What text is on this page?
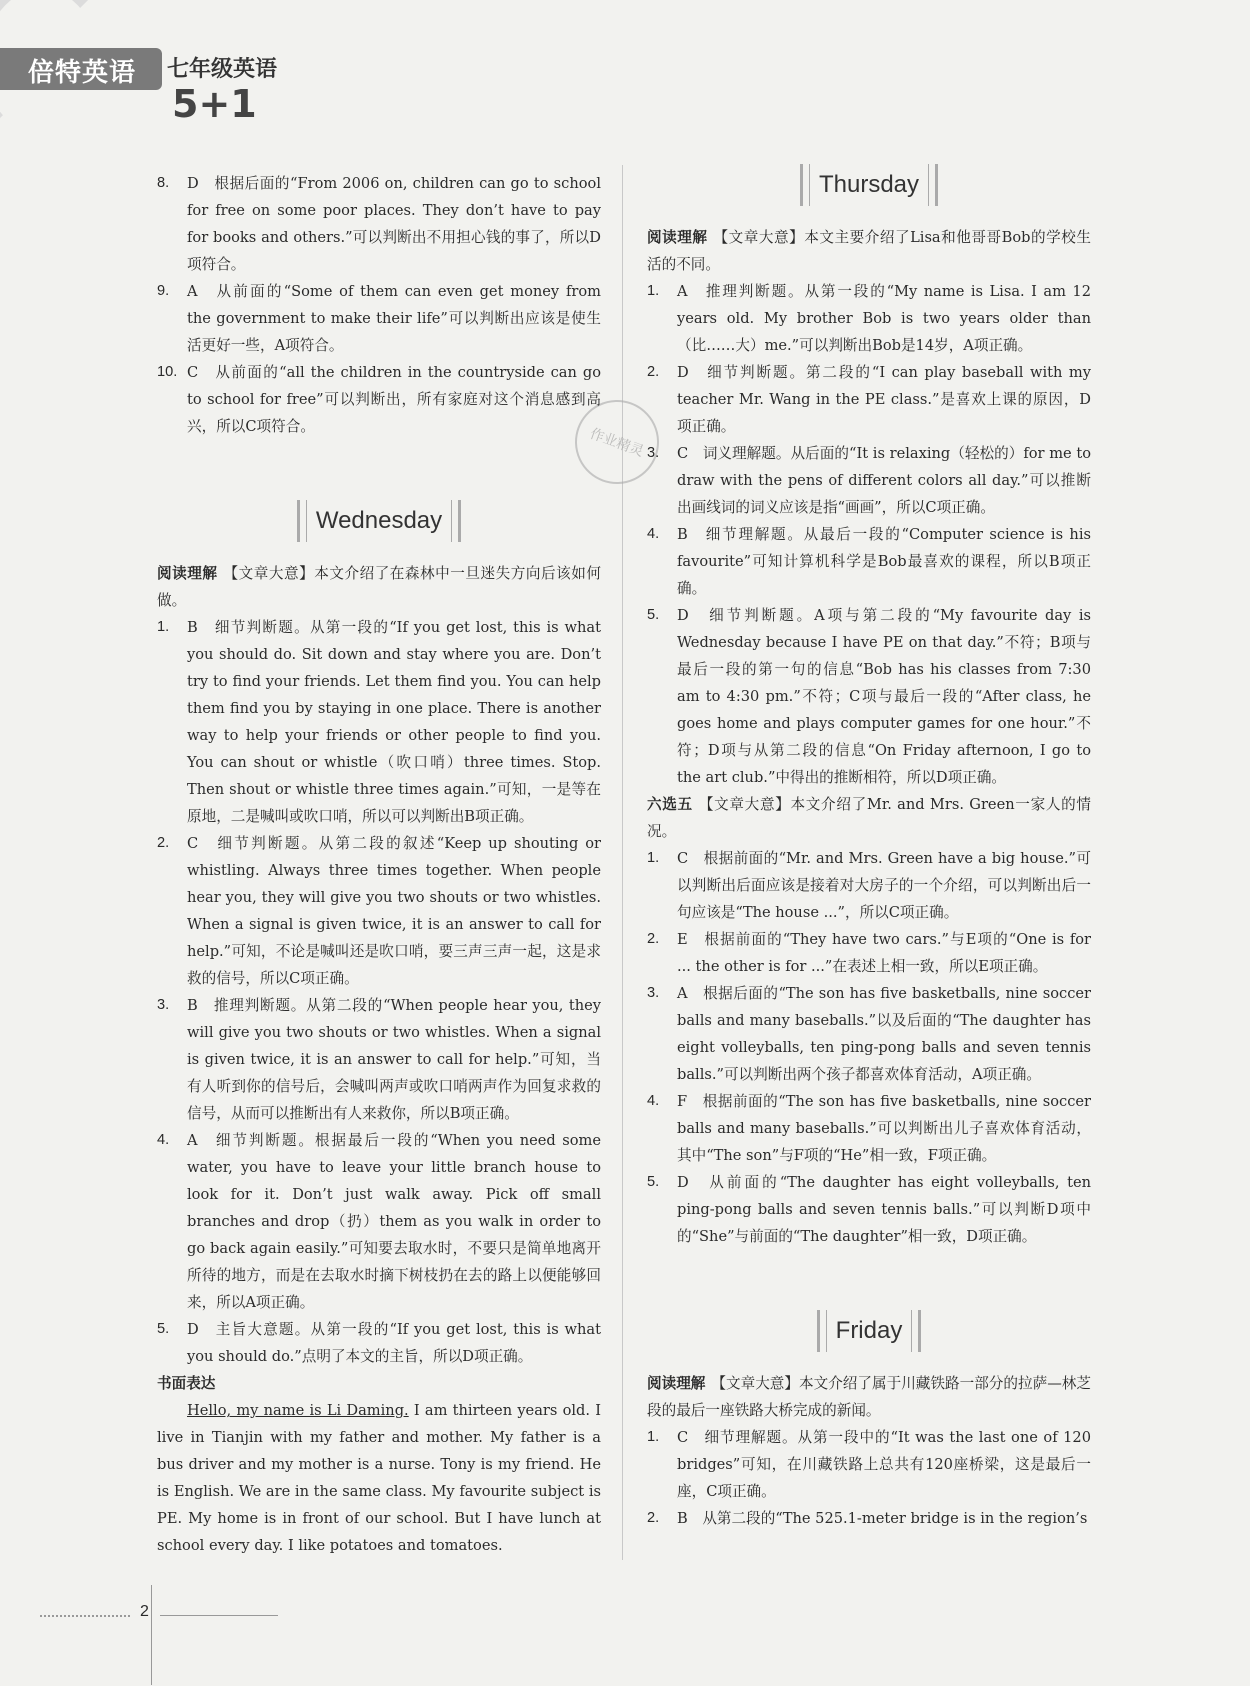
倍特英语 七年级英语
5+1
作业精灵

8. D　根据后面的“From 2006 on, children can go to school for free on some poor places. They don’t have to pay for books and others.”可以判断出不用担心钱的事了，所以D项符合。

9. A　从前面的“Some of them can even get money from the government to make their life”可以判断出应该是使生活更好一些，A项符合。

10. C　从前面的“all the children in the countryside can go to school for free”可以判断出，所有家庭对这个消息感到高兴，所以C项符合。

Wednesday

阅读理解 【文章大意】本文介绍了在森林中一旦迷失方向后该如何做。

1. B　细节判断题。从第一段的“If you get lost, this is what you should do. Sit down and stay where you are. Don’t try to find your friends. Let them find you. You can help them find you by staying in one place. There is another way to help your friends or other people to find you. You can shout or whistle（吹口哨）three times. Stop. Then shout or whistle three times again.”可知，一是等在原地，二是喊叫或吹口哨，所以可以判断出B项正确。

2. C　细节判断题。从第二段的叙述“Keep up shouting or whistling. Always three times together. When people hear you, they will give you two shouts or two whistles. When a signal is given twice, it is an answer to call for help.”可知，不论是喊叫还是吹口哨，要三声三声一起，这是求救的信号，所以C项正确。

3. B　推理判断题。从第二段的“When people hear you, they will give you two shouts or two whistles. When a signal is given twice, it is an answer to call for help.”可知，当有人听到你的信号后，会喊叫两声或吹口哨两声作为回复求救的信号，从而可以推断出有人来救你，所以B项正确。

4. A　细节判断题。根据最后一段的“When you need some water, you have to leave your little branch house to look for it. Don’t just walk away. Pick off small branches and drop（扔）them as you walk in order to go back again easily.”可知要去取水时，不要只是简单地离开所待的地方，而是在去取水时摘下树枝扔在去的路上以便能够回来，所以A项正确。

5. D　主旨大意题。从第一段的“If you get lost, this is what you should do.”点明了本文的主旨，所以D项正确。

书面表达

Hello, my name is Li Daming. I am thirteen years old. I live in Tianjin with my father and mother. My father is a bus driver and my mother is a nurse. Tony is my friend. He is English. We are in the same class. My favourite subject is PE. My home is in front of our school. But I have lunch at school every day. I like potatoes and tomatoes.

Thursday

阅读理解 【文章大意】本文主要介绍了Lisa和他哥哥Bob的学校生活的不同。

1. A　推理判断题。从第一段的“My name is Lisa. I am 12 years old. My brother Bob is two years older than（比……大）me.”可以判断出Bob是14岁，A项正确。

2. D　细节判断题。第二段的“I can play baseball with my teacher Mr. Wang in the PE class.”是喜欢上课的原因，D项正确。

3. C　词义理解题。从后面的“It is relaxing（轻松的）for me to draw with the pens of different colors all day.”可以推断出画线词的词义应该是指“画画”，所以C项正确。

4. B　细节理解题。从最后一段的“Computer science is his favourite”可知计算机科学是Bob最喜欢的课程，所以B项正确。

5. D　细节判断题。A项与第二段的“My favourite day is Wednesday because I have PE on that day.”不符；B项与最后一段的第一句的信息“Bob has his classes from 7:30 am to 4:30 pm.”不符；C项与最后一段的“After class, he goes home and plays computer games for one hour.”不符；D项与从第二段的信息“On Friday afternoon, I go to the art club.”中得出的推断相符，所以D项正确。

六选五 【文章大意】本文介绍了Mr. and Mrs. Green一家人的情况。

1. C　根据前面的“Mr. and Mrs. Green have a big house.”可以判断出后面应该是接着对大房子的一个介绍，可以判断出后一句应该是“The house ...”，所以C项正确。

2. E　根据前面的“They have two cars.”与E项的“One is for ... the other is for ...”在表述上相一致，所以E项正确。

3. A　根据后面的“The son has five basketballs, nine soccer balls and many baseballs.”以及后面的“The daughter has eight volleyballs, ten ping-pong balls and seven tennis balls.”可以判断出两个孩子都喜欢体育活动，A项正确。

4. F　根据前面的“The son has five basketballs, nine soccer balls and many baseballs.”可以判断出儿子喜欢体育活动，其中“The son”与F项的“He”相一致，F项正确。

5. D　从前面的“The daughter has eight volleyballs, ten ping-pong balls and seven tennis balls.”可以判断D项中的“She”与前面的“The daughter”相一致，D项正确。

Friday

阅读理解 【文章大意】本文介绍了属于川藏铁路一部分的拉萨—林芝段的最后一座铁路大桥完成的新闻。

1. C　细节理解题。从第一段中的“It was the last one of 120 bridges”可知，在川藏铁路上总共有120座桥梁，这是最后一座，C项正确。

2. B　从第二段的“The 525.1-meter bridge is in the region’s

2
